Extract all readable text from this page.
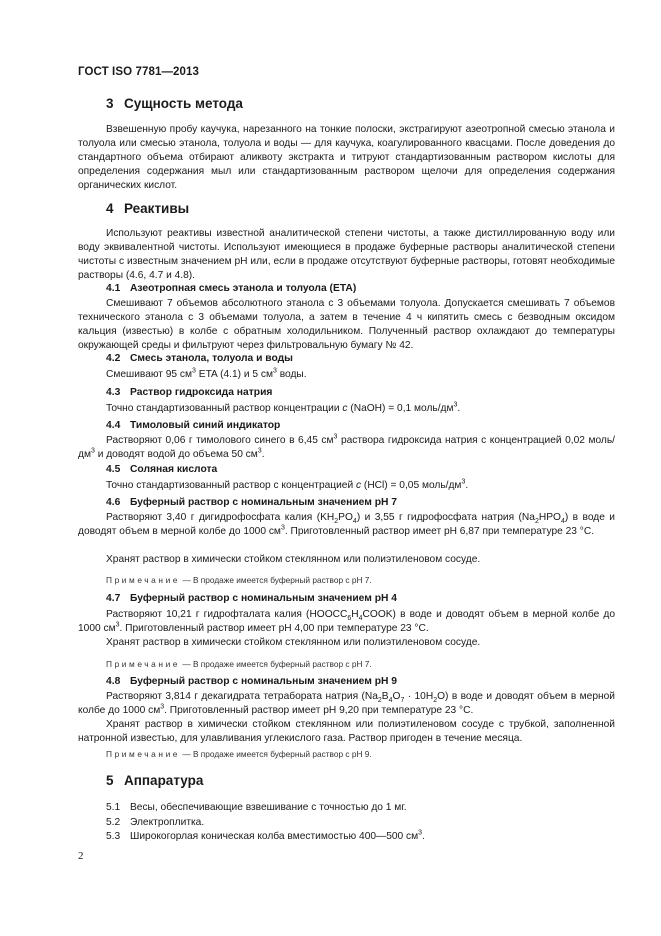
ГОСТ ISO 7781—2013
3 Сущность метода
Взвешенную пробу каучука, нарезанного на тонкие полоски, экстрагируют азеотропной смесью этанола и толуола или смесью этанола, толуола и воды — для каучука, коагулированного квасцами. После доведения до стандартного объема отбирают аликвоту экстракта и титруют стандартизованным раствором кислоты для определения содержания мыл или стандартизованным раствором щелочи для определения содержания органических кислот.
4 Реактивы
Используют реактивы известной аналитической степени чистоты, а также дистиллированную воду или воду эквивалентной чистоты. Используют имеющиеся в продаже буферные растворы аналитической степени чистоты с известным значением pH или, если в продаже отсутствуют буферные растворы, готовят необходимые растворы (4.6, 4.7 и 4.8).
4.1 Азеотропная смесь этанола и толуола (ETA)
Смешивают 7 объемов абсолютного этанола с 3 объемами толуола. Допускается смешивать 7 объемов технического этанола с 3 объемами толуола, а затем в течение 4 ч кипятить смесь с безводным оксидом кальция (известью) в колбе с обратным холодильником. Полученный раствор охлаждают до температуры окружающей среды и фильтруют через фильтровальную бумагу № 42.
4.2 Смесь этанола, толуола и воды
Смешивают 95 $см^3$ ETA (4.1) и 5 $см^3$ воды.
4.3 Раствор гидроксида натрия
Точно стандартизованный раствор концентрации c (NaOH) = 0,1 моль/$дм^3$.
4.4 Тимоловый синий индикатор
Растворяют 0,06 г тимолового синего в 6,45 $см^3$ раствора гидроксида натрия с концентрацией 0,02 моль/$дм^3$ и доводят водой до объема 50 $см^3$.
4.5 Соляная кислота
Точно стандартизованный раствор с концентрацией c (HCl) = 0,05 моль/$дм^3$.
4.6 Буферный раствор с номинальным значением pH 7
Растворяют 3,40 г дигидрофосфата калия $(KH_2PO_4)$ и 3,55 г гидрофосфата натрия $(Na_2HPO_4)$ в воде и доводят объем в мерной колбе до 1000 $см^3$. Приготовленный раствор имеет pH 6,87 при температуре 23 °C.
Хранят раствор в химически стойком стеклянном или полиэтиленовом сосуде.
Примечание — В продаже имеется буферный раствор с pH 7.
4.7 Буферный раствор с номинальным значением pH 4
Растворяют 10,21 г гидрофталата калия $(HOOCC_6H_4COOK)$ в воде и доводят объем в мерной колбе до 1000 $см^3$. Приготовленный раствор имеет pH 4,00 при температуре 23 °C.
Хранят раствор в химически стойком стеклянном или полиэтиленовом сосуде.
Примечание — В продаже имеется буферный раствор с pH 7.
4.8 Буферный раствор с номинальным значением pH 9
Растворяют 3,814 г декагидрата тетрабората натрия $(Na_2B_4O_7 \cdot 10H_2O)$ в воде и доводят объем в мерной колбе до 1000 $см^3$. Приготовленный раствор имеет pH 9,20 при температуре 23 °C.
Хранят раствор в химически стойком стеклянном или полиэтиленовом сосуде с трубкой, заполненной натронной известью, для улавливания углекислого газа. Раствор пригоден в течение месяца.
Примечание — В продаже имеется буферный раствор с pH 9.
5 Аппаратура
5.1 Весы, обеспечивающие взвешивание с точностью до 1 мг.
5.2 Электроплитка.
5.3 Широкогорлая коническая колба вместимостью 400—500 $см^3$.
2
